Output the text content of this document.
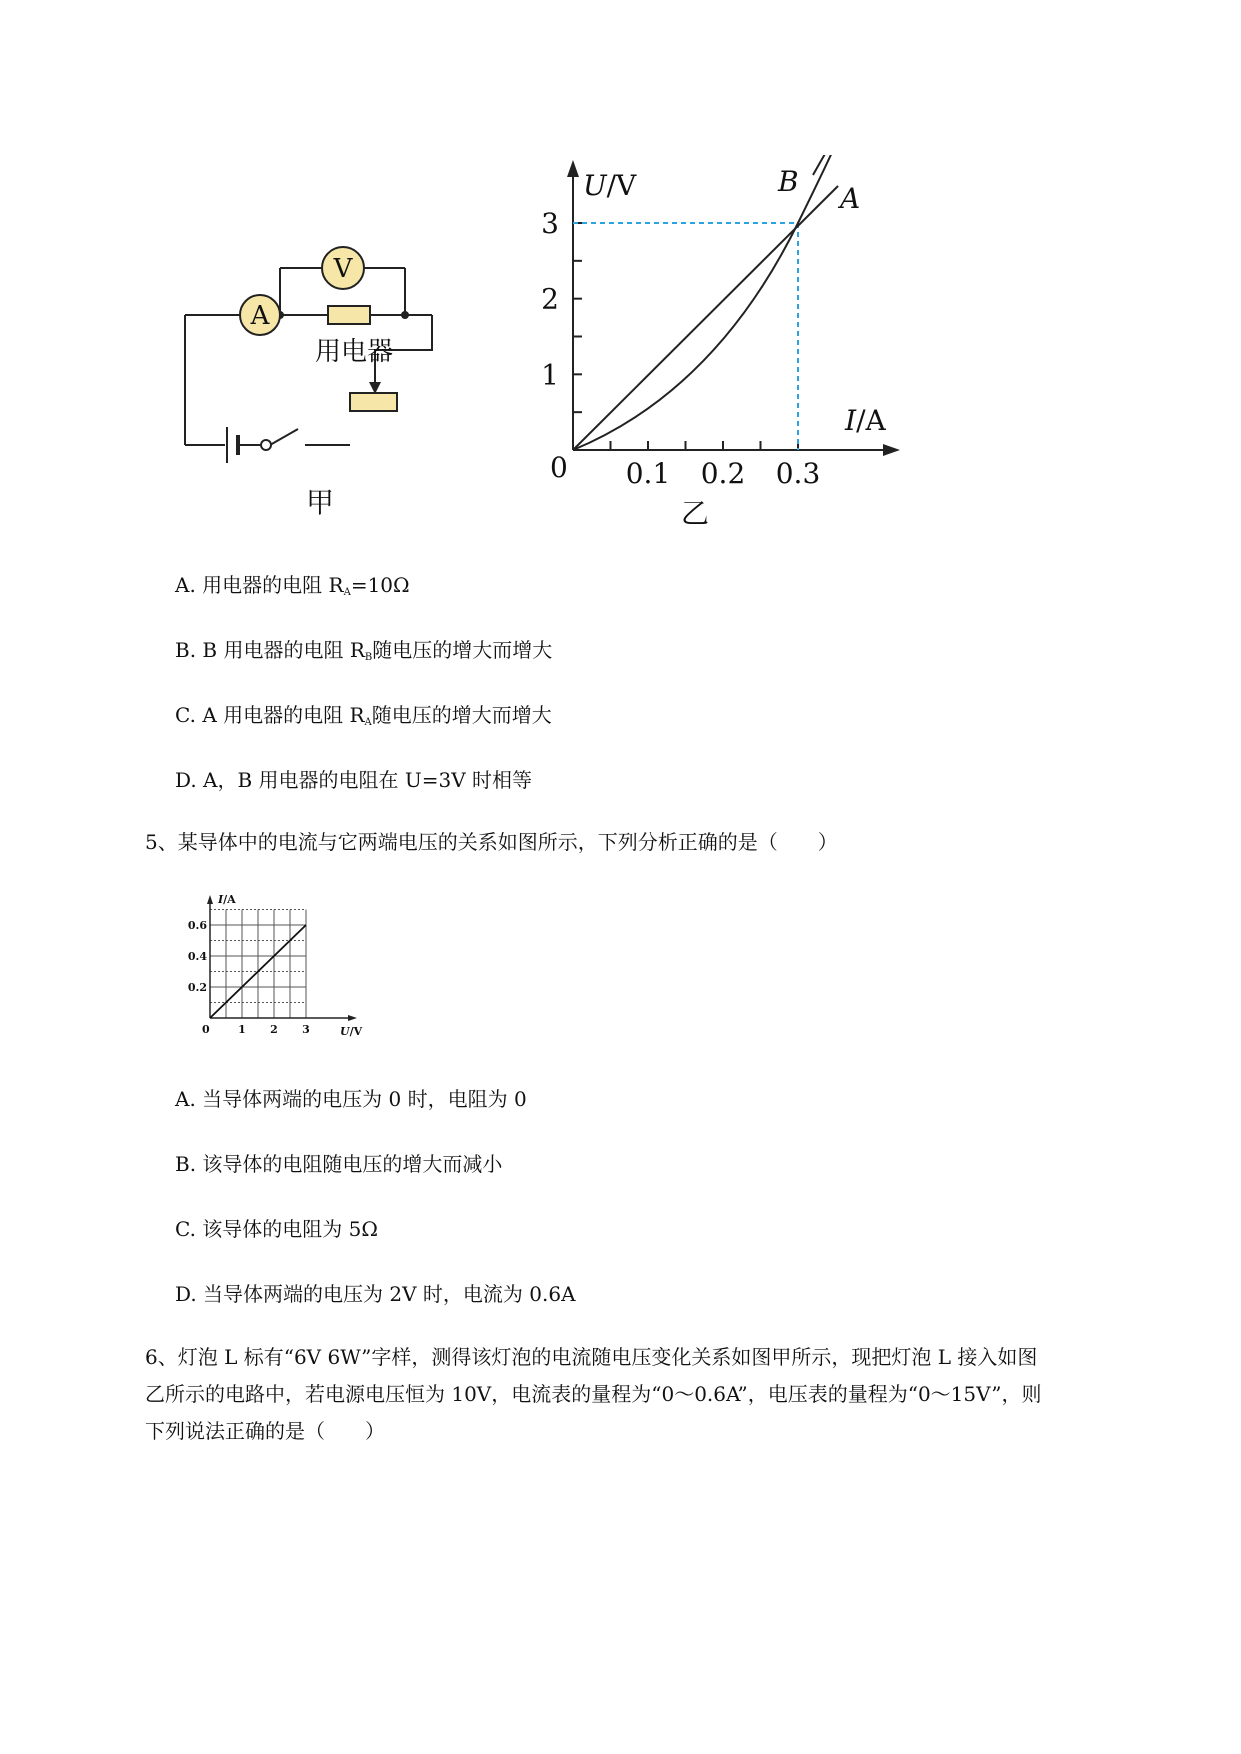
A
V
用电器
甲
0.1 0.2 0.3
1
2
3
B
A
U/V
I/A
0
乙
A. 用电器的电阻 $R_A=10\Omega$
B. B 用电器的电阻 $R_B$随电压的增大而增大
C. A 用电器的电阻 $R_A$随电压的增大而增大
D. A，B 用电器的电阻在 U=3V 时相等
5、某导体中的电流与它两端电压的关系如图所示，下列分析正确的是（　　）
1 2 3
0.2
0.4
0.6
I/A
U/V
0
A. 当导体两端的电压为 0 时，电阻为 0
B. 该导体的电阻随电压的增大而减小
C. 该导体的电阻为 5Ω
D. 当导体两端的电压为 2V 时，电流为 0.6A
6、灯泡 L 标有“6V 6W”字样，测得该灯泡的电流随电压变化关系如图甲所示，现把灯泡 L 接入如图
乙所示的电路中，若电源电压恒为 10V，电流表的量程为“0～0.6A”，电压表的量程为“0～15V”，则
下列说法正确的是（　　）
